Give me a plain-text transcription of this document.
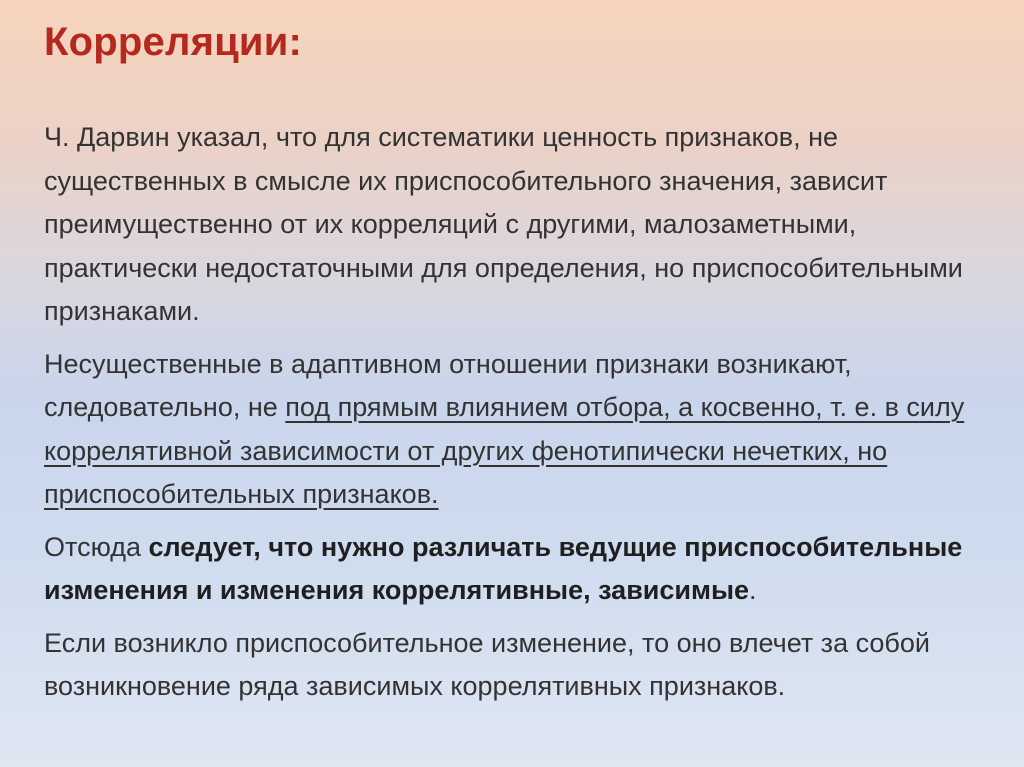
Корреляции:

Ч. Дарвин указал, что для систематики ценность признаков, не существенных в смысле их приспособительного значения, зависит преимущественно от их корреляций с другими, малозаметными, практически недостаточными для определения, но приспособительными признаками.

Несущественные в адаптивном отношении признаки возникают, следовательно, не под прямым влиянием отбора, а косвенно, т. е. в силу коррелятивной зависимости от других фенотипически нечетких, но приспособительных признаков.

Отсюда следует, что нужно различать ведущие приспособительные изменения и изменения коррелятивные, зависимые.

Если возникло приспособительное изменение, то оно влечет за собой возникновение ряда зависимых коррелятивных признаков.
